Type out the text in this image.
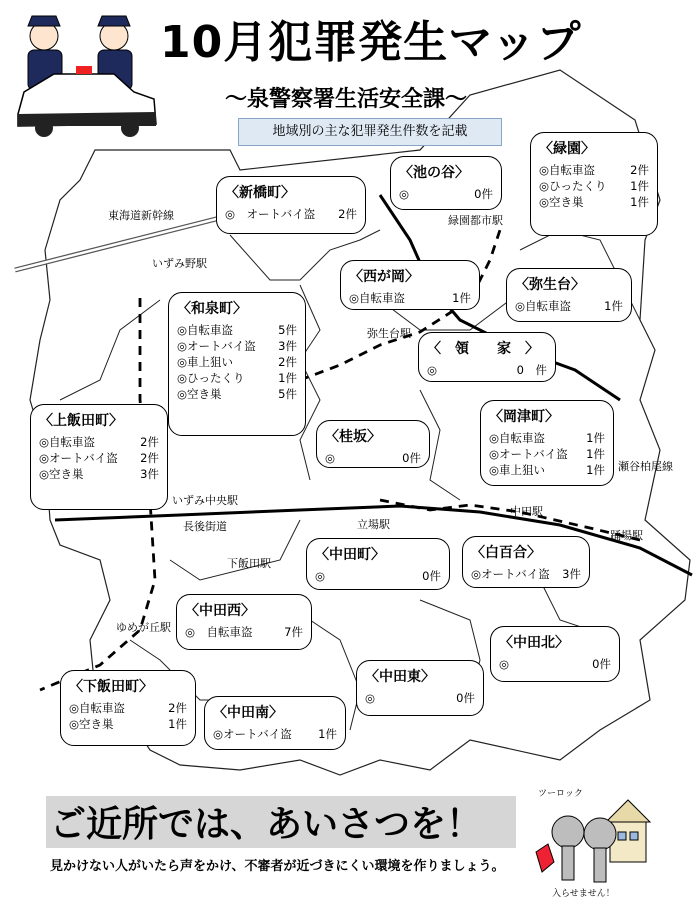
10月犯罪発生マップ
～泉警察署生活安全課～
地域別の主な犯罪発生件数を記載
東海道新幹線
いずみ野駅
緑園都市駅
弥生台駅
いずみ中央駅
中田駅
立場駅
瀬谷柏尾線
踊場駅
長後街道
下飯田駅
ゆめが丘駅
〈緑園〉
◎自転車盗	2件
◎ひったくり	1件
◎空き巣	1件
〈池の谷〉
◎	0件
〈新橋町〉
◎　オートバイ盗	2件
〈西が岡〉
◎自転車盗	1件
〈弥生台〉
◎自転車盗	1件
〈和泉町〉
◎自転車盗	5件
◎オートバイ盗	3件
◎車上狙い	2件
◎ひったくり	1件
◎空き巣	5件
〈　領　　家　〉
◎	0　件
〈岡津町〉
◎自転車盗	1件
◎オートバイ盗	1件
◎車上狙い	1件
〈上飯田町〉
◎自転車盗	2件
◎オートバイ盗	2件
◎空き巣	3件
〈桂坂〉
◎	0件
〈中田町〉
◎	0件
〈白百合〉
◎オートバイ盗	3件
〈中田西〉
◎　自転車盗	7件
〈中田北〉
◎	0件
〈中田東〉
◎	0件
〈下飯田町〉
◎自転車盗	2件
◎空き巣	1件
〈中田南〉
◎オートバイ盗	1件
ご近所では、あいさつを！
見かけない人がいたら声をかけ、不審者が近づきにくい環境を作りましょう。
ツーロック
入らせません！
